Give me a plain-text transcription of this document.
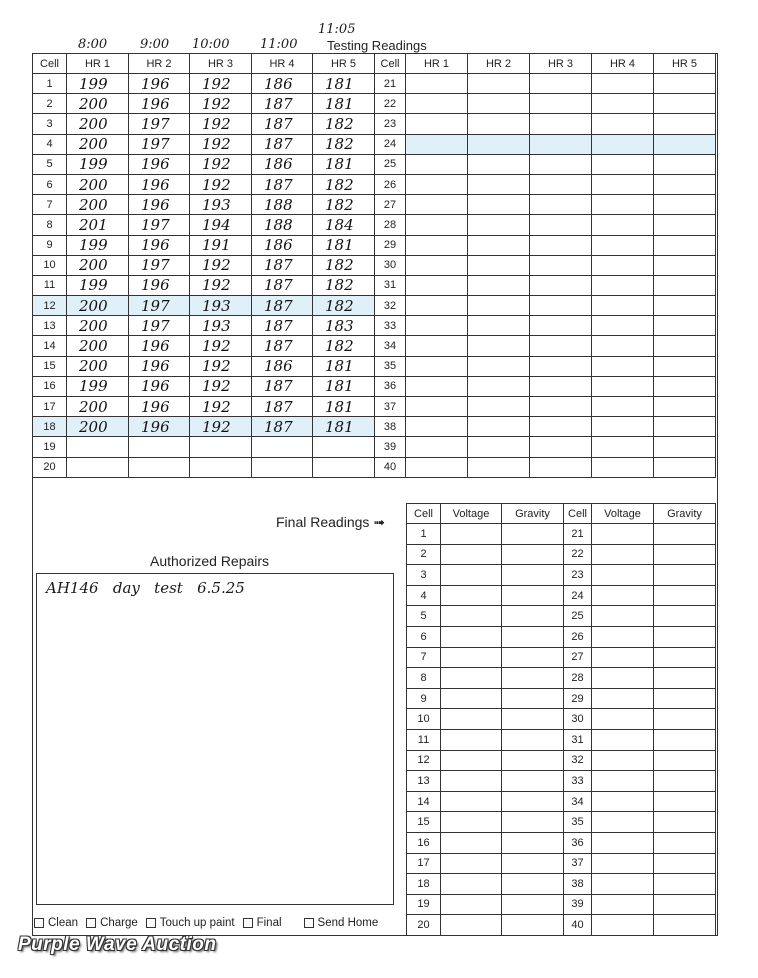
11:05
8:00	9:00 10:00 11:00 Testing Readings
Cell	HR 1	HR 2	HR 3	HR 4	HR 5	Cell	HR 1	HR 2	HR 3	HR 4	HR 5
1	199	196	192	186	181	21					
2	200	196	192	187	181	22					
3	200	197	192	187	182	23					
4	200	197	192	187	182	24					
5	199	196	192	186	181	25					
6	200	196	192	187	182	26					
7	200	196	193	188	182	27					
8	201	197	194	188	184	28					
9	199	196	191	186	181	29					
10	200	197	192	187	182	30					
11	199	196	192	187	182	31					
12	200	197	193	187	182	32					
13	200	197	193	187	183	33					
14	200	196	192	187	182	34					
15	200	196	192	186	181	35					
16	199	196	192	187	181	36					
17	200	196	192	187	181	37					
18	200	196	192	187	181	38					
19						39					
20						40					
Final Readings ➟
Cell	Voltage	Gravity	Cell	Voltage	Gravity
1			21		
2			22		
3			23		
4			24		
5			25		
6			26		
7			27		
8			28		
9			29		
10			30		
11			31		
12			32		
13			33		
14			34		
15			35		
16			36		
17			37		
18			38		
19			39		
20			40		
Authorized Repairs
AH146   day   test   6.5.25
Clean Charge Touch up paint Final	Send Home
Purple Wave Auction
